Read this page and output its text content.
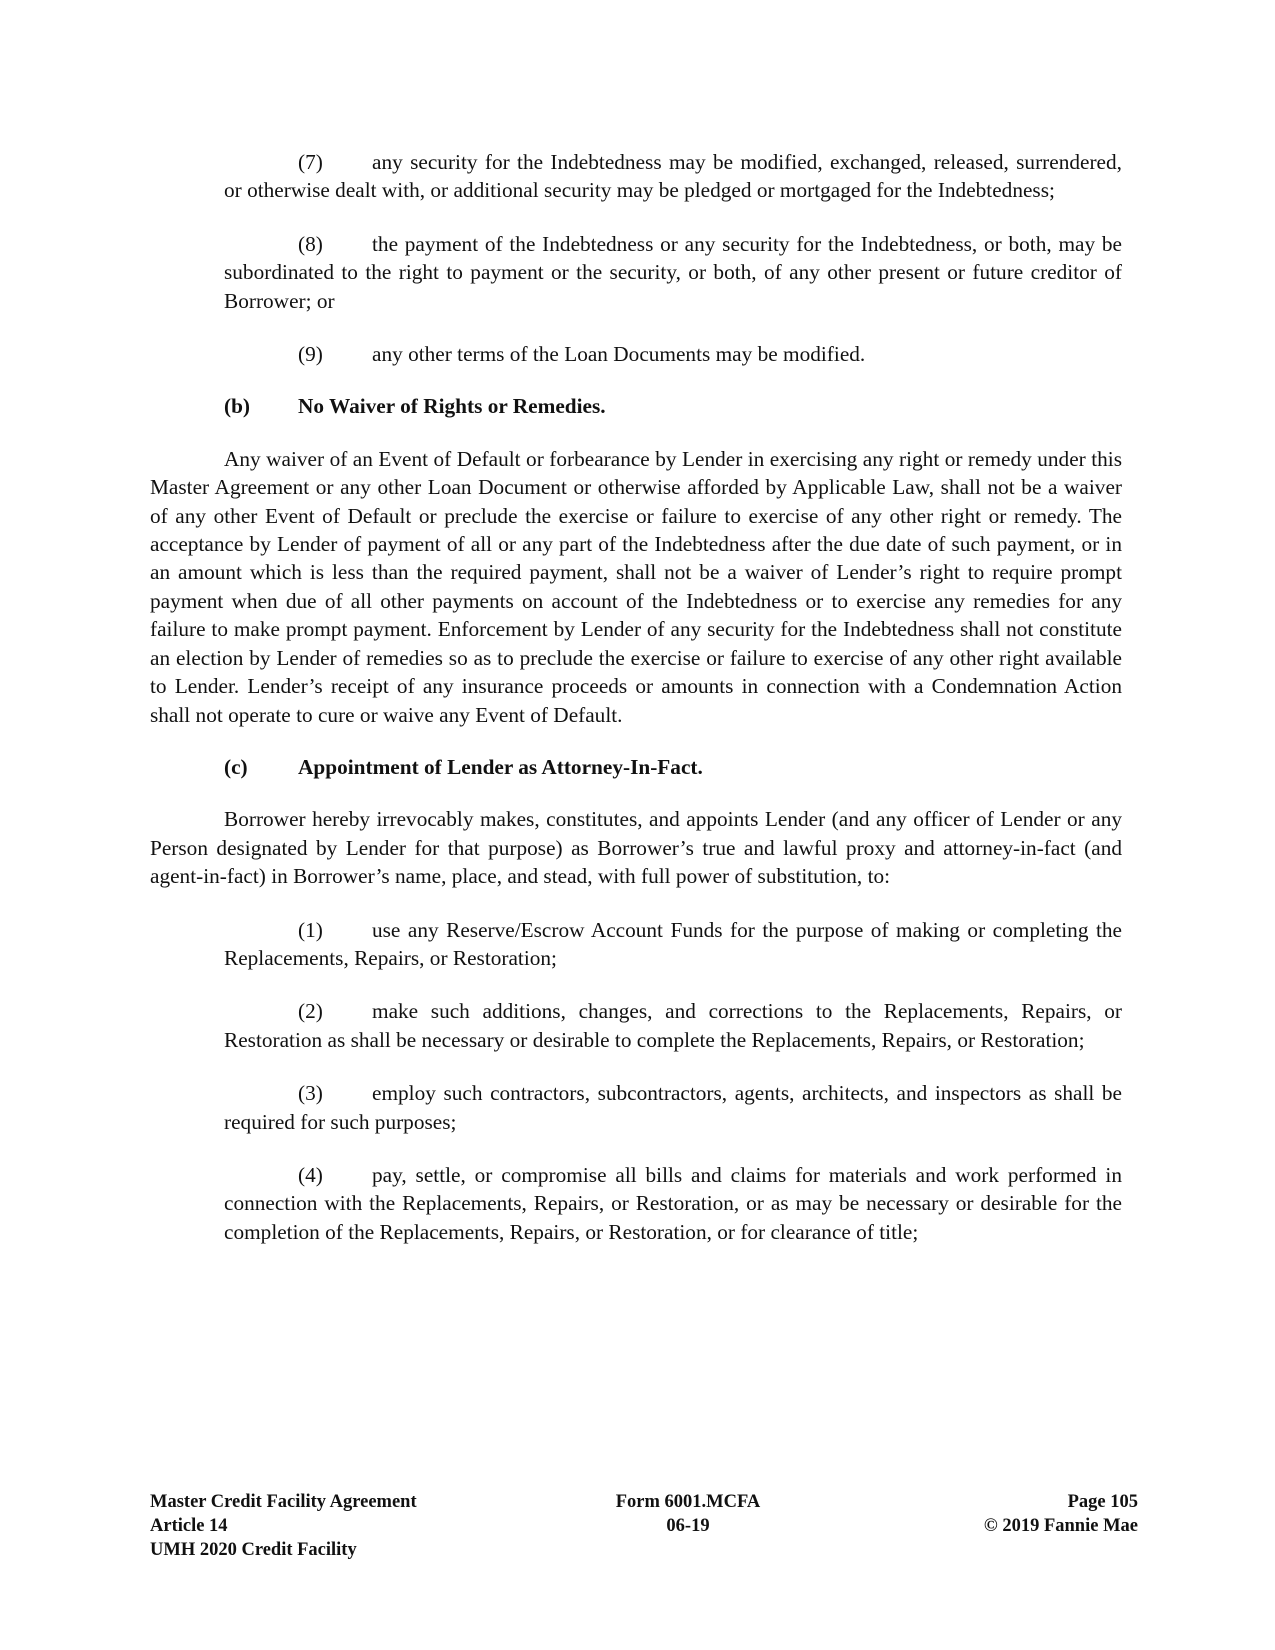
(7) any security for the Indebtedness may be modified, exchanged, released, surrendered, or otherwise dealt with, or additional security may be pledged or mortgaged for the Indebtedness;

(8) the payment of the Indebtedness or any security for the Indebtedness, or both, may be subordinated to the right to payment or the security, or both, of any other present or future creditor of Borrower; or

(9) any other terms of the Loan Documents may be modified.

(b) No Waiver of Rights or Remedies.

Any waiver of an Event of Default or forbearance by Lender in exercising any right or remedy under this Master Agreement or any other Loan Document or otherwise afforded by Applicable Law, shall not be a waiver of any other Event of Default or preclude the exercise or failure to exercise of any other right or remedy. The acceptance by Lender of payment of all or any part of the Indebtedness after the due date of such payment, or in an amount which is less than the required payment, shall not be a waiver of Lender’s right to require prompt payment when due of all other payments on account of the Indebtedness or to exercise any remedies for any failure to make prompt payment. Enforcement by Lender of any security for the Indebtedness shall not constitute an election by Lender of remedies so as to preclude the exercise or failure to exercise of any other right available to Lender. Lender’s receipt of any insurance proceeds or amounts in connection with a Condemnation Action shall not operate to cure or waive any Event of Default.

(c) Appointment of Lender as Attorney-In-Fact.

Borrower hereby irrevocably makes, constitutes, and appoints Lender (and any officer of Lender or any Person designated by Lender for that purpose) as Borrower’s true and lawful proxy and attorney-in-fact (and agent-in-fact) in Borrower’s name, place, and stead, with full power of substitution, to:

(1) use any Reserve/Escrow Account Funds for the purpose of making or completing the Replacements, Repairs, or Restoration;

(2) make such additions, changes, and corrections to the Replacements, Repairs, or Restoration as shall be necessary or desirable to complete the Replacements, Repairs, or Restoration;

(3) employ such contractors, subcontractors, agents, architects, and inspectors as shall be required for such purposes;

(4) pay, settle, or compromise all bills and claims for materials and work performed in connection with the Replacements, Repairs, or Restoration, or as may be necessary or desirable for the completion of the Replacements, Repairs, or Restoration, or for clearance of title;

Master Credit Facility Agreement
Article 14
UMH 2020 Credit Facility
Form 6001.MCFA
06-19
Page 105
© 2019 Fannie Mae
